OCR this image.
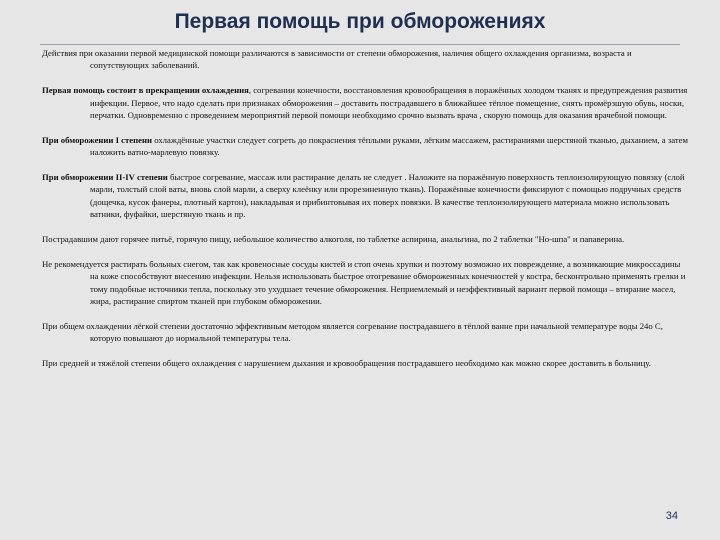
Первая помощь при обморожениях

Действия при оказании первой медицинской помощи различаются в зависимости от степени обморожения, наличия общего охлаждения организма, возраста и сопутствующих заболеваний.

Первая помощь состоит в прекращении охлаждения, согревании конечности, восстановления кровообращения в поражённых холодом тканях и предупреждения развития инфекции. Первое, что надо сделать при признаках обморожения – доставить пострадавшего в ближайшее тёплое помещение, снять промёрзшую обувь, носки, перчатки. Одновременно с проведением мероприятий первой помощи необходимо срочно вызвать врача , скорую помощь для оказания врачебной помощи.

При обморожении I степени охлаждённые участки следует согреть до покраснения тёплыми руками, лёгким массажем, растираниями шерстяной тканью, дыханием, а затем наложить ватно-марлевую повязку.

При обморожении II-IV степени быстрое согревание, массаж или растирание делать не следует . Наложите на поражённую поверхность теплоизолирующую повязку (слой марли, толстый слой ваты, вновь слой марли, а сверху клеёнку или прорезиненную ткань). Поражённые конечности фиксируют с помощью подручных средств (дощечка, кусок фанеры, плотный картон), накладывая и прибинтовывая их поверх повязки. В качестве теплоизолирующего материала можно использовать ватники, фуфайки, шерстяную ткань и пр.

Пострадавшим дают горячее питьё, горячую пищу, небольшое количество алкоголя, по таблетке аспирина, анальгина, по 2 таблетки "Но-шпа" и папаверина.

Не рекомендуется растирать больных снегом, так как кровеносные сосуды кистей и стоп очень хрупки и поэтому возможно их повреждение, а возникающие микроссадины на коже способствуют внесению инфекции. Нельзя использовать быстрое отогревание обмороженных конечностей у костра, бесконтрольно применять грелки и тому подобные источники тепла, поскольку это ухудшает течение обморожения. Неприемлемый и неэффективный вариант первой помощи – втирание масел, жира, растирание спиртом тканей при глубоком обморожении.

При общем охлаждении лёгкой степени достаточно эффективным методом является согревание пострадавшего в тёплой ванне при начальной температуре воды 24о С, которую повышают до нормальной температуры тела.

При средней и тяжёлой степени общего охлаждения с нарушением дыхания и кровообращения пострадавшего необходимо как можно скорее доставить в больницу.

34
